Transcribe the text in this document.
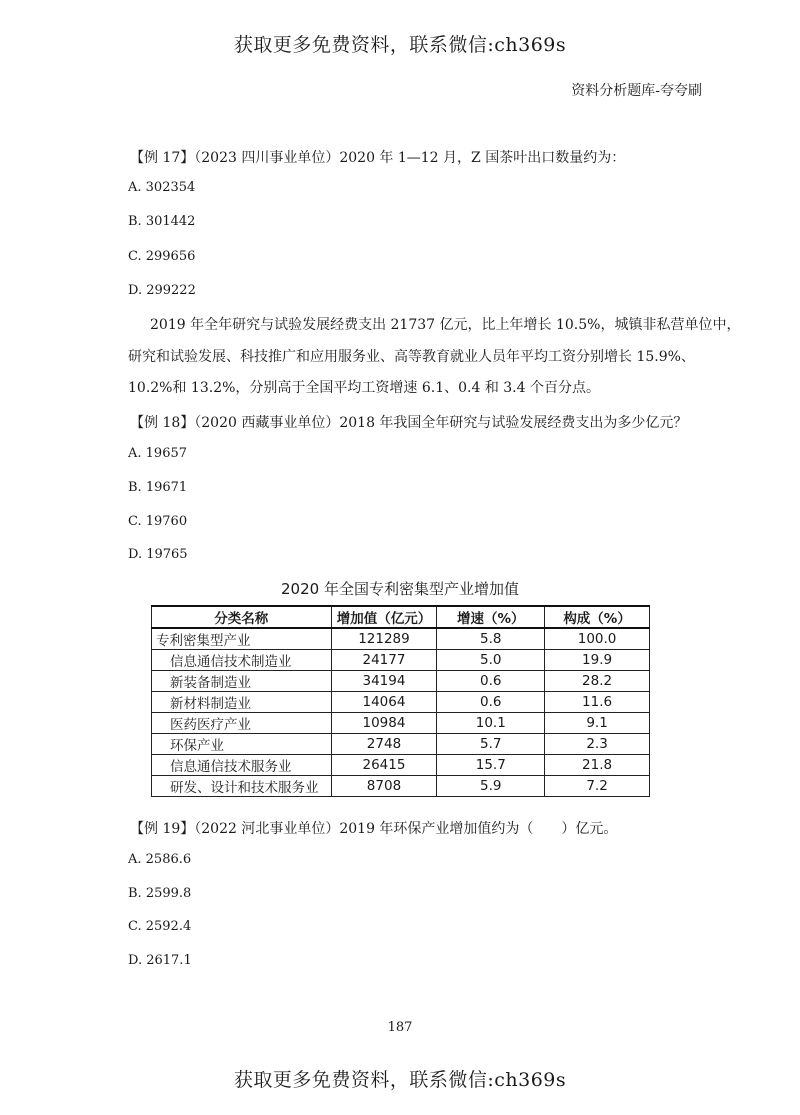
获取更多免费资料，联系微信:ch369s
资料分析题库-夸夸刷
【例 17】（2023 四川事业单位）2020 年 1—12 月，Z 国茶叶出口数量约为：
A. 302354
B. 301442
C. 299656
D. 299222
2019 年全年研究与试验发展经费支出 21737 亿元，比上年增长 10.5%，城镇非私营单位中，
研究和试验发展、科技推广和应用服务业、高等教育就业人员年平均工资分别增长 15.9%、
10.2%和 13.2%，分别高于全国平均工资增速 6.1、0.4 和 3.4 个百分点。
【例 18】（2020 西藏事业单位）2018 年我国全年研究与试验发展经费支出为多少亿元？
A. 19657
B. 19671
C. 19760
D. 19765
2020 年全国专利密集型产业增加值
分类名称	增加值（亿元）	增速（%）	构成（%）
专利密集型产业	121289	5.8	100.0
信息通信技术制造业	24177	5.0	19.9
新装备制造业	34194	0.6	28.2
新材料制造业	14064	0.6	11.6
医药医疗产业	10984	10.1	9.1
环保产业	2748	5.7	2.3
信息通信技术服务业	26415	15.7	21.8
研发、设计和技术服务业	8708	5.9	7.2
【例 19】（2022 河北事业单位）2019 年环保产业增加值约为（　　）亿元。
A. 2586.6
B. 2599.8
C. 2592.4
D. 2617.1
187
获取更多免费资料，联系微信:ch369s
